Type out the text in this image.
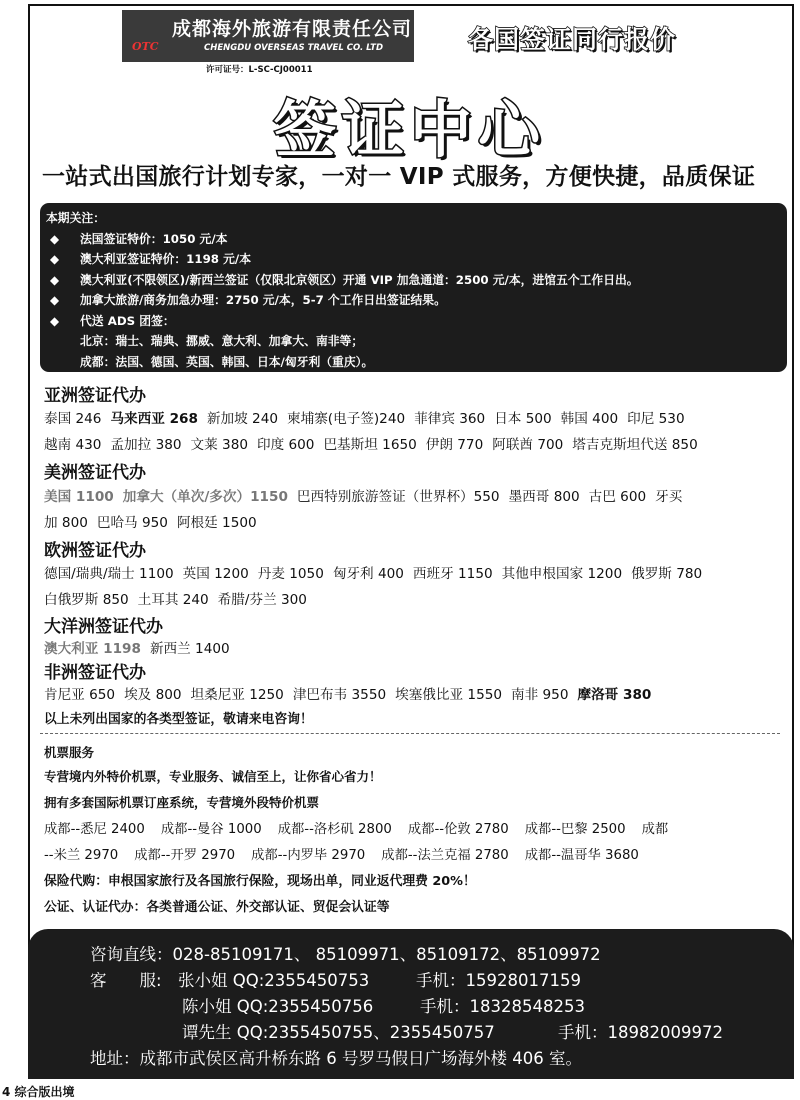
OTC
成都海外旅游有限责任公司
CHENGDU OVERSEAS TRAVEL CO. LTD
许可证号：L-SC-CJ00011
各国签证同行报价
签证中心
一站式出国旅行计划专家，一对一 VIP 式服务，方便快捷，品质保证
本期关注：
◆ 法国签证特价：1050 元/本
◆ 澳大利亚签证特价：1198 元/本
◆ 澳大利亚(不限领区)/新西兰签证（仅限北京领区）开通 VIP 加急通道：2500 元/本，进馆五个工作日出。
◆ 加拿大旅游/商务加急办理：2750 元/本，5-7 个工作日出签证结果。
◆ 代送 ADS 团签：
北京：瑞士、瑞典、挪威、意大利、加拿大、南非等；
成都：法国、德国、英国、韩国、日本/匈牙利（重庆）。
亚洲签证代办
泰国 246 马来西亚 268 新加坡 240 柬埔寨(电子签)240 菲律宾 360 日本 500 韩国 400 印尼 530
越南 430 孟加拉 380 文莱 380 印度 600 巴基斯坦 1650 伊朗 770 阿联酋 700 塔吉克斯坦代送 850
美洲签证代办
美国 1100 加拿大（单次/多次）1150 巴西特别旅游签证（世界杯）550 墨西哥 800 古巴 600 牙买
加 800 巴哈马 950 阿根廷 1500
欧洲签证代办
德国/瑞典/瑞士 1100 英国 1200 丹麦 1050 匈牙利 400 西班牙 1150 其他申根国家 1200 俄罗斯 780
白俄罗斯 850 土耳其 240 希腊/芬兰 300
大洋洲签证代办
澳大利亚 1198 新西兰 1400
非洲签证代办
肯尼亚 650 埃及 800 坦桑尼亚 1250 津巴布韦 3550 埃塞俄比亚 1550 南非 950 摩洛哥 380
以上未列出国家的各类型签证，敬请来电咨询！
机票服务
专营境内外特价机票，专业服务、诚信至上，让你省心省力！
拥有多套国际机票订座系统，专营境外段特价机票
成都--悉尼 2400 成都--曼谷 1000 成都--洛杉矶 2800 成都--伦敦 2780 成都--巴黎 2500 成都
--米兰 2970 成都--开罗 2970 成都--内罗毕 2970 成都--法兰克福 2780 成都--温哥华 3680
保险代购：申根国家旅行及各国旅行保险，现场出单，同业返代理费 20%！
公证、认证代办：各类普通公证、外交部认证、贸促会认证等
咨询直线：028-85109171、 85109971、85109172、85109972
客　　服: 张小姐 QQ:2355450753	手机：15928017159
陈小姐 QQ:2355450756	手机：18328548253
谭先生 QQ:2355450755、2355450757	手机：18982009972
地址：成都市武侯区高升桥东路 6 号罗马假日广场海外楼 406 室。
4 综合版出境
